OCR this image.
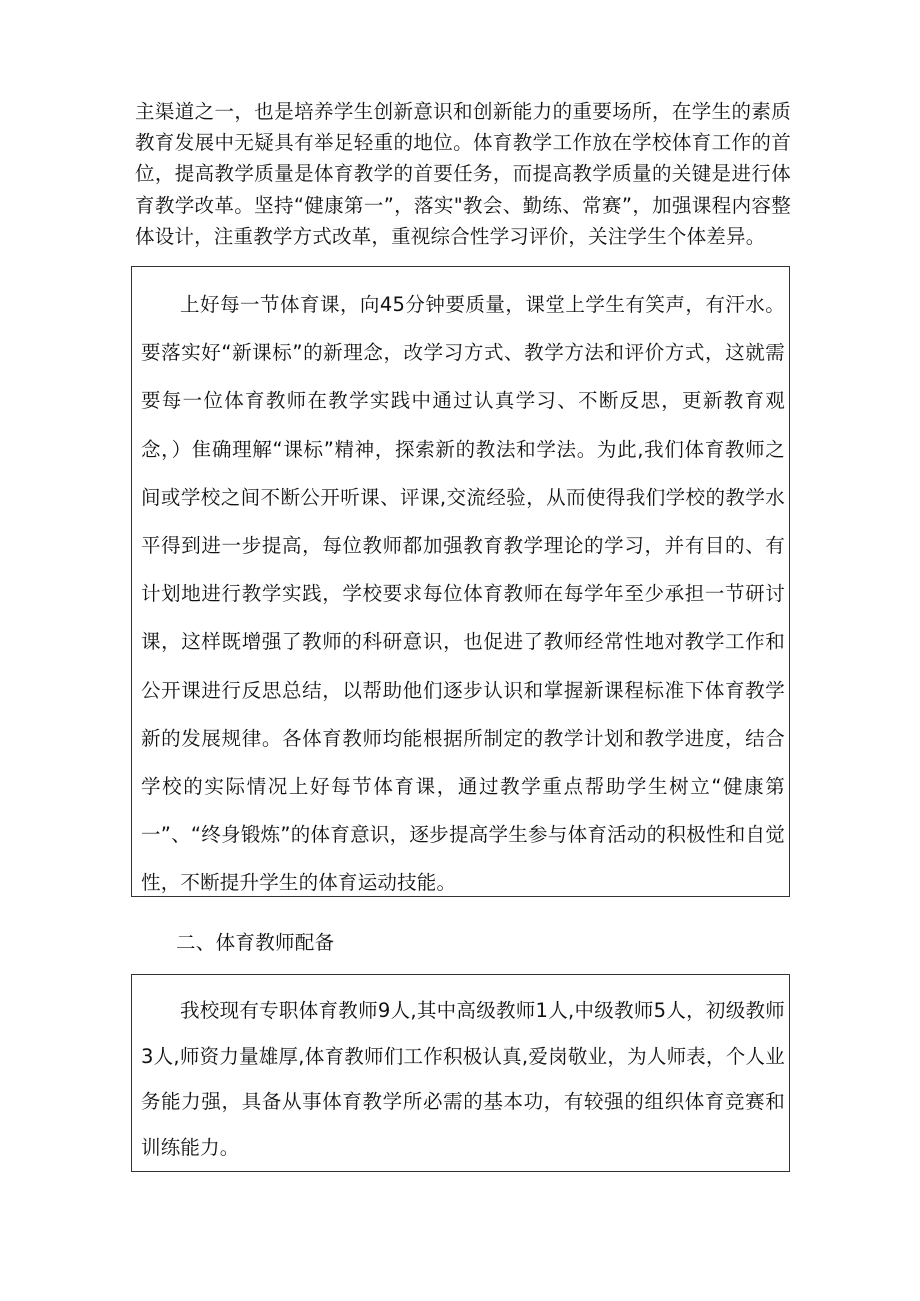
主渠道之一，也是培养学生创新意识和创新能力的重要场所，在学生的素质教育发展中无疑具有举足轻重的地位。体育教学工作放在学校体育工作的首位，提高教学质量是体育教学的首要任务，而提高教学质量的关键是进行体育教学改革。坚持“健康第一”，落实"教会、勤练、常赛”，加强课程内容整体设计，注重教学方式改革，重视综合性学习评价，关注学生个体差异。

上好每一节体育课，向45分钟要质量，课堂上学生有笑声，有汗水。要落实好“新课标”的新理念，改学习方式、教学方法和评价方式，这就需要每一位体育教师在教学实践中通过认真学习、不断反思，更新教育观念，）隹确理解“课标”精神，探索新的教法和学法。为此,我们体育教师之间或学校之间不断公开听课、评课,交流经验，从而使得我们学校的教学水平得到进一步提高，每位教师都加强教育教学理论的学习，并有目的、有计划地进行教学实践，学校要求每位体育教师在每学年至少承担一节研讨课，这样既增强了教师的科研意识，也促进了教师经常性地对教学工作和公开课进行反思总结，以帮助他们逐步认识和掌握新课程标准下体育教学新的发展规律。各体育教师均能根据所制定的教学计划和教学进度，结合学校的实际情况上好每节体育课，通过教学重点帮助学生树立“健康第一”、“终身锻炼”的体育意识，逐步提高学生参与体育活动的积极性和自觉性，不断提升学生的体育运动技能。

二、体育教师配备

我校现有专职体育教师9人,其中高级教师1人,中级教师5人，初级教师3人,师资力量雄厚,体育教师们工作积极认真,爱岗敬业，为人师表，个人业务能力强，具备从事体育教学所必需的基本功，有较强的组织体育竞赛和训练能力。
